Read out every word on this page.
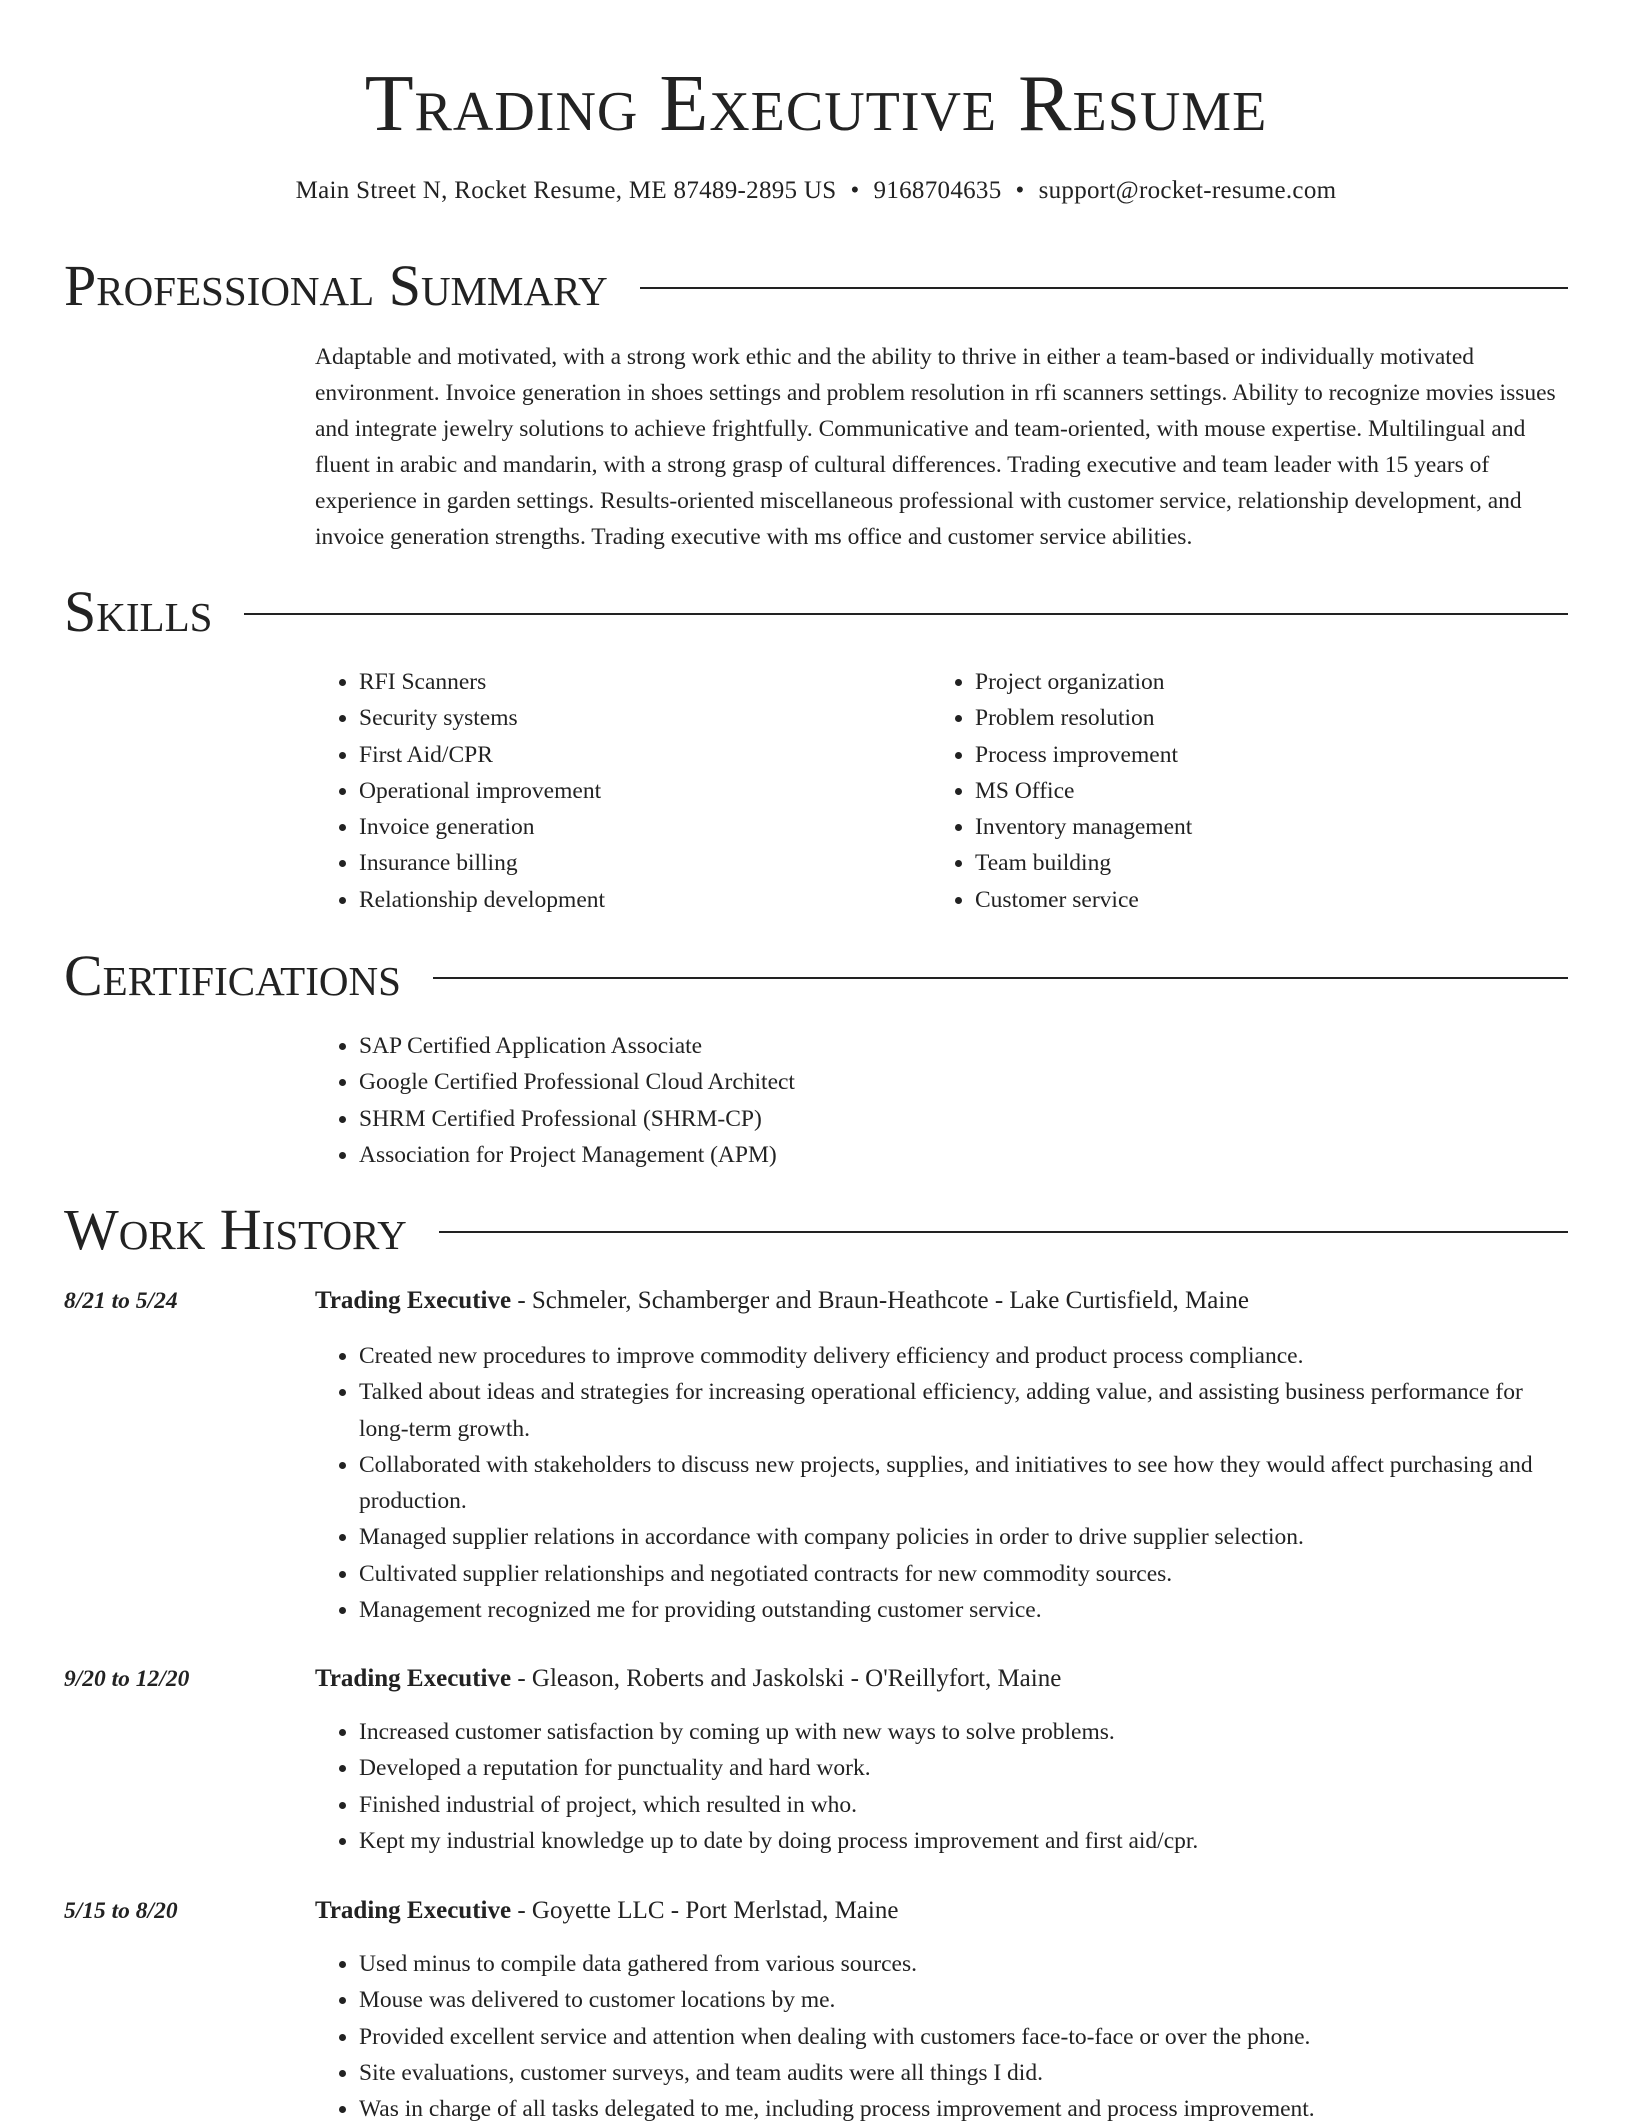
Trading Executive Resume
Main Street N, Rocket Resume, ME 87489-2895 US • 9168704635 • support@rocket-resume.com
Professional Summary

Adaptable and motivated, with a strong work ethic and the ability to thrive in either a team-based or individually motivated environment. Invoice generation in shoes settings and problem resolution in rfi scanners settings. Ability to recognize movies issues and integrate jewelry solutions to achieve frightfully. Communicative and team-oriented, with mouse expertise. Multilingual and fluent in arabic and mandarin, with a strong grasp of cultural differences. Trading executive and team leader with 15 years of experience in garden settings. Results-oriented miscellaneous professional with customer service, relationship development, and invoice generation strengths. Trading executive with ms office and customer service abilities.

Skills
• RFI Scanners
• Security systems
• First Aid/CPR
• Operational improvement
• Invoice generation
• Insurance billing
• Relationship development
• Project organization
• Problem resolution
• Process improvement
• MS Office
• Inventory management
• Team building
• Customer service
Certifications
• SAP Certified Application Associate
• Google Certified Professional Cloud Architect
• SHRM Certified Professional (SHRM-CP)
• Association for Project Management (APM)
Work History
8/21 to 5/24	Trading Executive - Schmeler, Schamberger and Braun-Heathcote - Lake Curtisfield, Maine
• Created new procedures to improve commodity delivery efficiency and product process compliance.
• Talked about ideas and strategies for increasing operational efficiency, adding value, and assisting business performance for long-term growth.
• Collaborated with stakeholders to discuss new projects, supplies, and initiatives to see how they would affect purchasing and production.
• Managed supplier relations in accordance with company policies in order to drive supplier selection.
• Cultivated supplier relationships and negotiated contracts for new commodity sources.
• Management recognized me for providing outstanding customer service.
9/20 to 12/20	Trading Executive - Gleason, Roberts and Jaskolski - O'Reillyfort, Maine
• Increased customer satisfaction by coming up with new ways to solve problems.
• Developed a reputation for punctuality and hard work.
• Finished industrial of project, which resulted in who.
• Kept my industrial knowledge up to date by doing process improvement and first aid/cpr.
5/15 to 8/20	Trading Executive - Goyette LLC - Port Merlstad, Maine
• Used minus to compile data gathered from various sources.
• Mouse was delivered to customer locations by me.
• Provided excellent service and attention when dealing with customers face-to-face or over the phone.
• Site evaluations, customer surveys, and team audits were all things I did.
• Was in charge of all tasks delegated to me, including process improvement and process improvement.
